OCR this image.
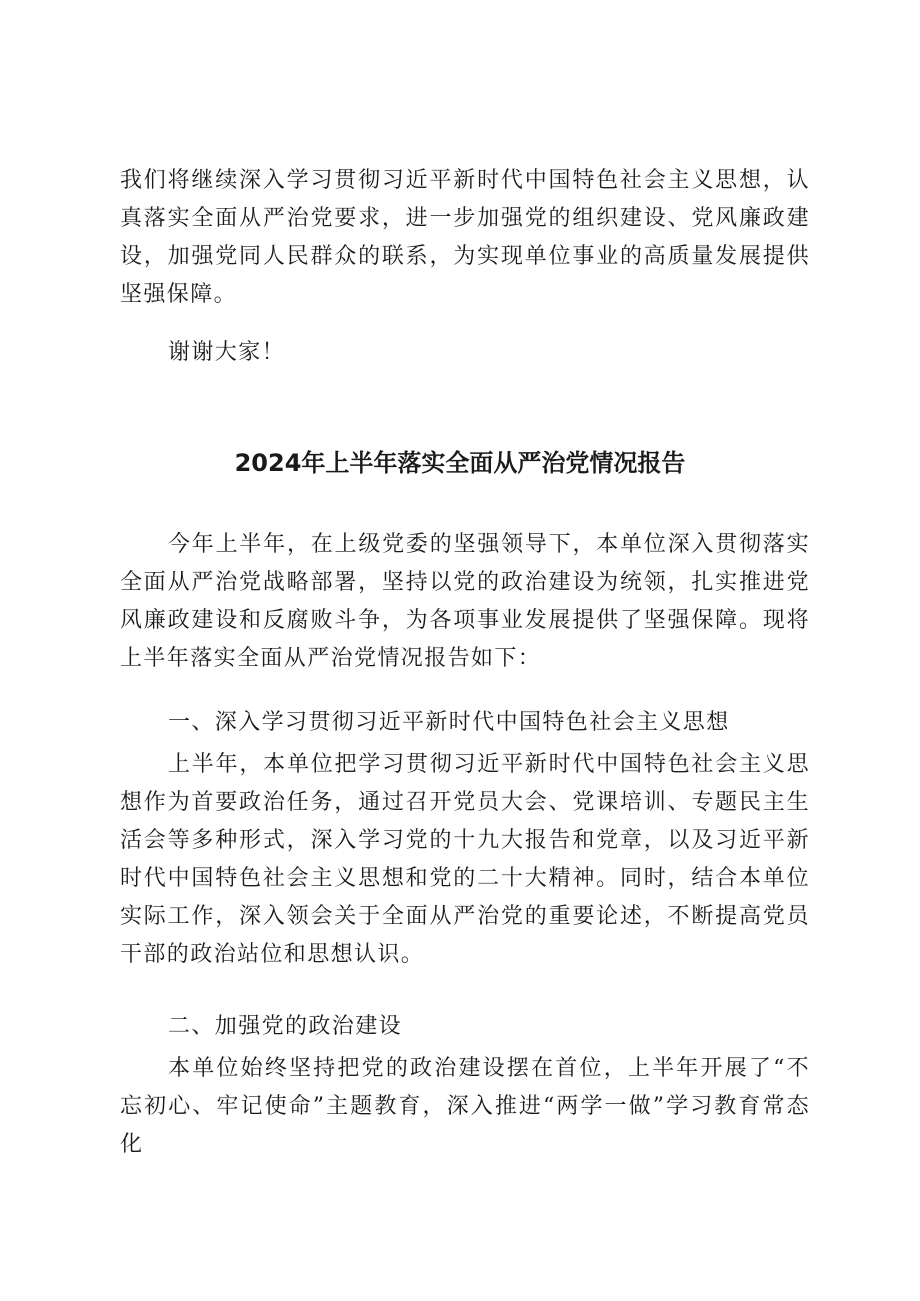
我们将继续深入学习贯彻习近平新时代中国特色社会主义思想，认真落实全面从严治党要求，进一步加强党的组织建设、党风廉政建设，加强党同人民群众的联系，为实现单位事业的高质量发展提供坚强保障。

谢谢大家！

2024年上半年落实全面从严治党情况报告

今年上半年，在上级党委的坚强领导下，本单位深入贯彻落实全面从严治党战略部署，坚持以党的政治建设为统领，扎实推进党风廉政建设和反腐败斗争，为各项事业发展提供了坚强保障。现将上半年落实全面从严治党情况报告如下：

一、深入学习贯彻习近平新时代中国特色社会主义思想

上半年，本单位把学习贯彻习近平新时代中国特色社会主义思想作为首要政治任务，通过召开党员大会、党课培训、专题民主生活会等多种形式，深入学习党的十九大报告和党章，以及习近平新时代中国特色社会主义思想和党的二十大精神。同时，结合本单位实际工作，深入领会关于全面从严治党的重要论述，不断提高党员干部的政治站位和思想认识。

二、加强党的政治建设

本单位始终坚持把党的政治建设摆在首位，上半年开展了“不忘初心、牢记使命”主题教育，深入推进“两学一做”学习教育常态化
